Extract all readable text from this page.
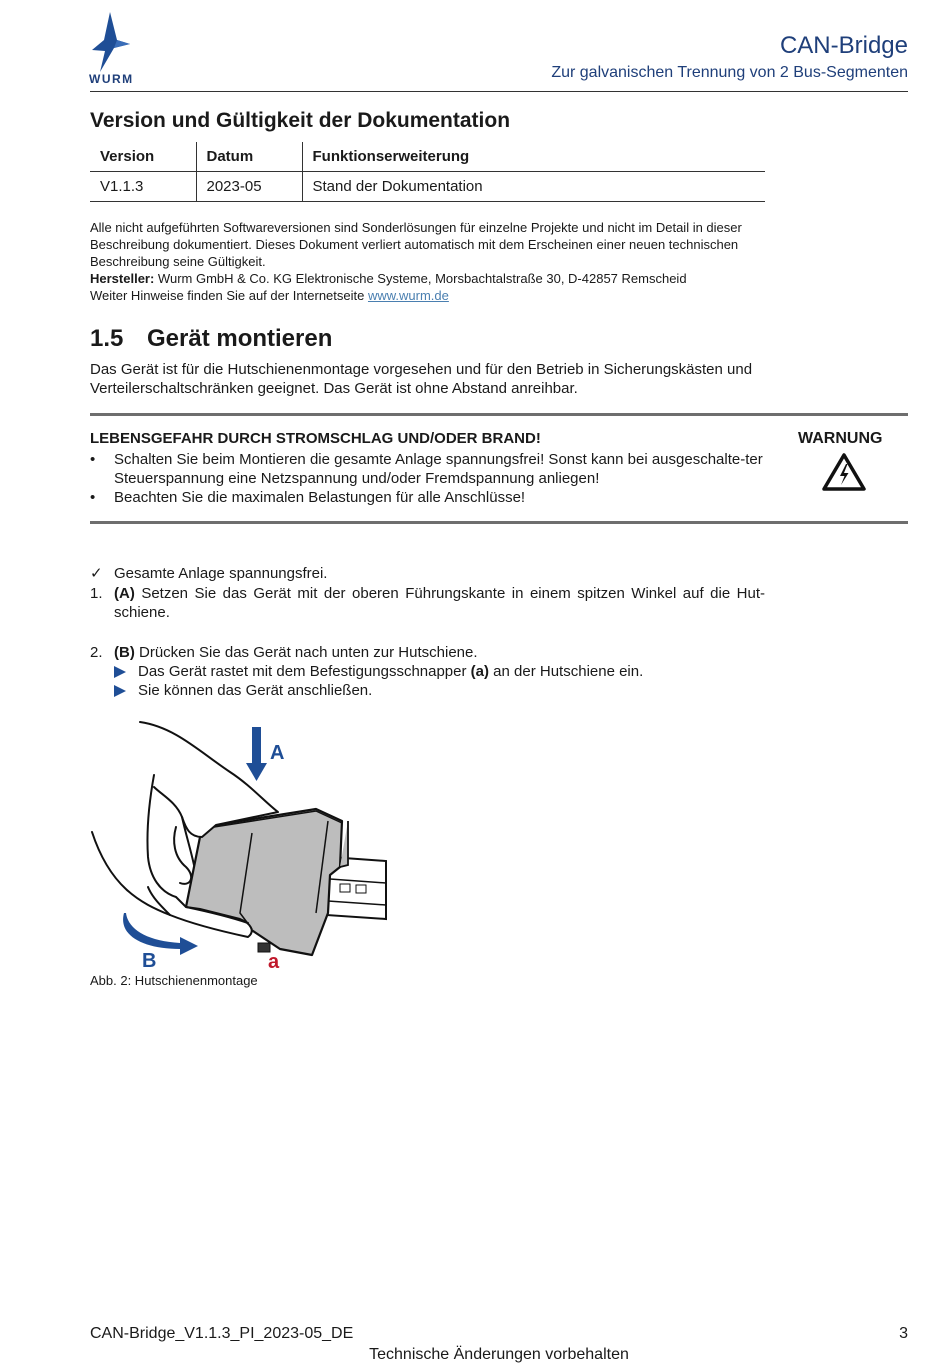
WURM
CAN-Bridge
Zur galvanischen Trennung von 2 Bus-Segmenten
Version und Gültigkeit der Dokumentation
Version	Datum	Funktionserweiterung
V1.1.3	2023-05	Stand der Dokumentation
Alle nicht aufgeführten Softwareversionen sind Sonderlösungen für einzelne Projekte und nicht im Detail in dieser Beschreibung dokumentiert. Dieses Dokument verliert automatisch mit dem Erscheinen einer neuen technischen Beschreibung seine Gültigkeit.
Hersteller: Wurm GmbH & Co. KG Elektronische Systeme, Morsbachtalstraße 30, D-42857 Remscheid
Weiter Hinweise finden Sie auf der Internetseite www.wurm.de
1.5 Gerät montieren
Das Gerät ist für die Hutschienenmontage vorgesehen und für den Betrieb in Sicherungskästen und Verteilerschaltschränken geeignet. Das Gerät ist ohne Abstand anreihbar.
LEBENSGEFAHR DURCH STROMSCHLAG UND/ODER BRAND!
• Schalten Sie beim Montieren die gesamte Anlage spannungsfrei! Sonst kann bei ausgeschalte-ter Steuerspannung eine Netzspannung und/oder Fremdspannung anliegen!
• Beachten Sie die maximalen Belastungen für alle Anschlüsse!
WARNUNG
✓ Gesamte Anlage spannungsfrei.
1. (A) Setzen Sie das Gerät mit der oberen Führungskante in einem spitzen Winkel auf die Hut-schiene.
2. (B) Drücken Sie das Gerät nach unten zur Hutschiene.
Das Gerät rastet mit dem Befestigungsschnapper (a) an der Hutschiene ein.
Sie können das Gerät anschließen.
A
B	a
Abb. 2: Hutschienenmontage
CAN-Bridge_V1.1.3_PI_2023-05_DE	3
Technische Änderungen vorbehalten
